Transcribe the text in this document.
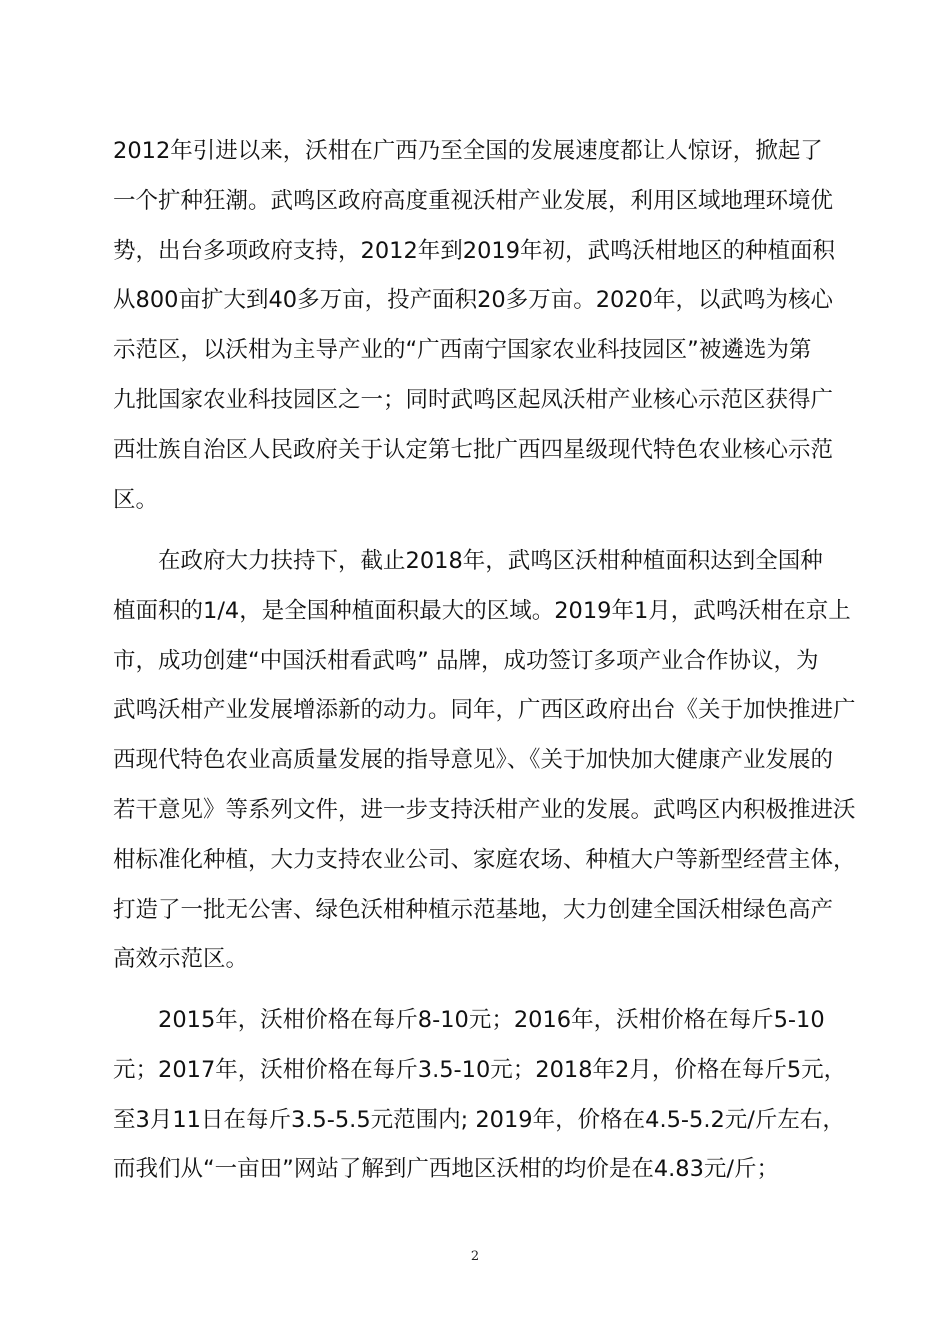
2012年引进以来，沃柑在广西乃至全国的发展速度都让人惊讶，掀起了

一个扩种狂潮。武鸣区政府高度重视沃柑产业发展，利用区域地理环境优

势，出台多项政府支持，2012年到2019年初，武鸣沃柑地区的种植面积

从800亩扩大到40多万亩，投产面积20多万亩。2020年，以武鸣为核心

示范区，以沃柑为主导产业的“广西南宁国家农业科技园区”被遴选为第

九批国家农业科技园区之一；同时武鸣区起凤沃柑产业核心示范区获得广

西壮族自治区人民政府关于认定第七批广西四星级现代特色农业核心示范

区。

　　在政府大力扶持下，截止2018年，武鸣区沃柑种植面积达到全国种

植面积的1/4，是全国种植面积最大的区域。2019年1月，武鸣沃柑在京上

市，成功创建“中国沃柑看武鸣” 品牌，成功签订多项产业合作协议，为

武鸣沃柑产业发展增添新的动力。同年，广西区政府出台《关于加快推进广

西现代特色农业高质量发展的指导意见》、《关于加快加大健康产业发展的

若干意见》等系列文件，进一步支持沃柑产业的发展。武鸣区内积极推进沃

柑标准化种植，大力支持农业公司、家庭农场、种植大户等新型经营主体，

打造了一批无公害、绿色沃柑种植示范基地，大力创建全国沃柑绿色高产

高效示范区。

　　2015年，沃柑价格在每斤8-10元；2016年，沃柑价格在每斤5-10

元；2017年，沃柑价格在每斤3.5-10元；2018年2月，价格在每斤5元，

至3月11日在每斤3.5-5.5元范围内; 2019年，价格在4.5-5.2元/斤左右，

而我们从“一亩田”网站了解到广西地区沃柑的均价是在4.83元/斤；

2
